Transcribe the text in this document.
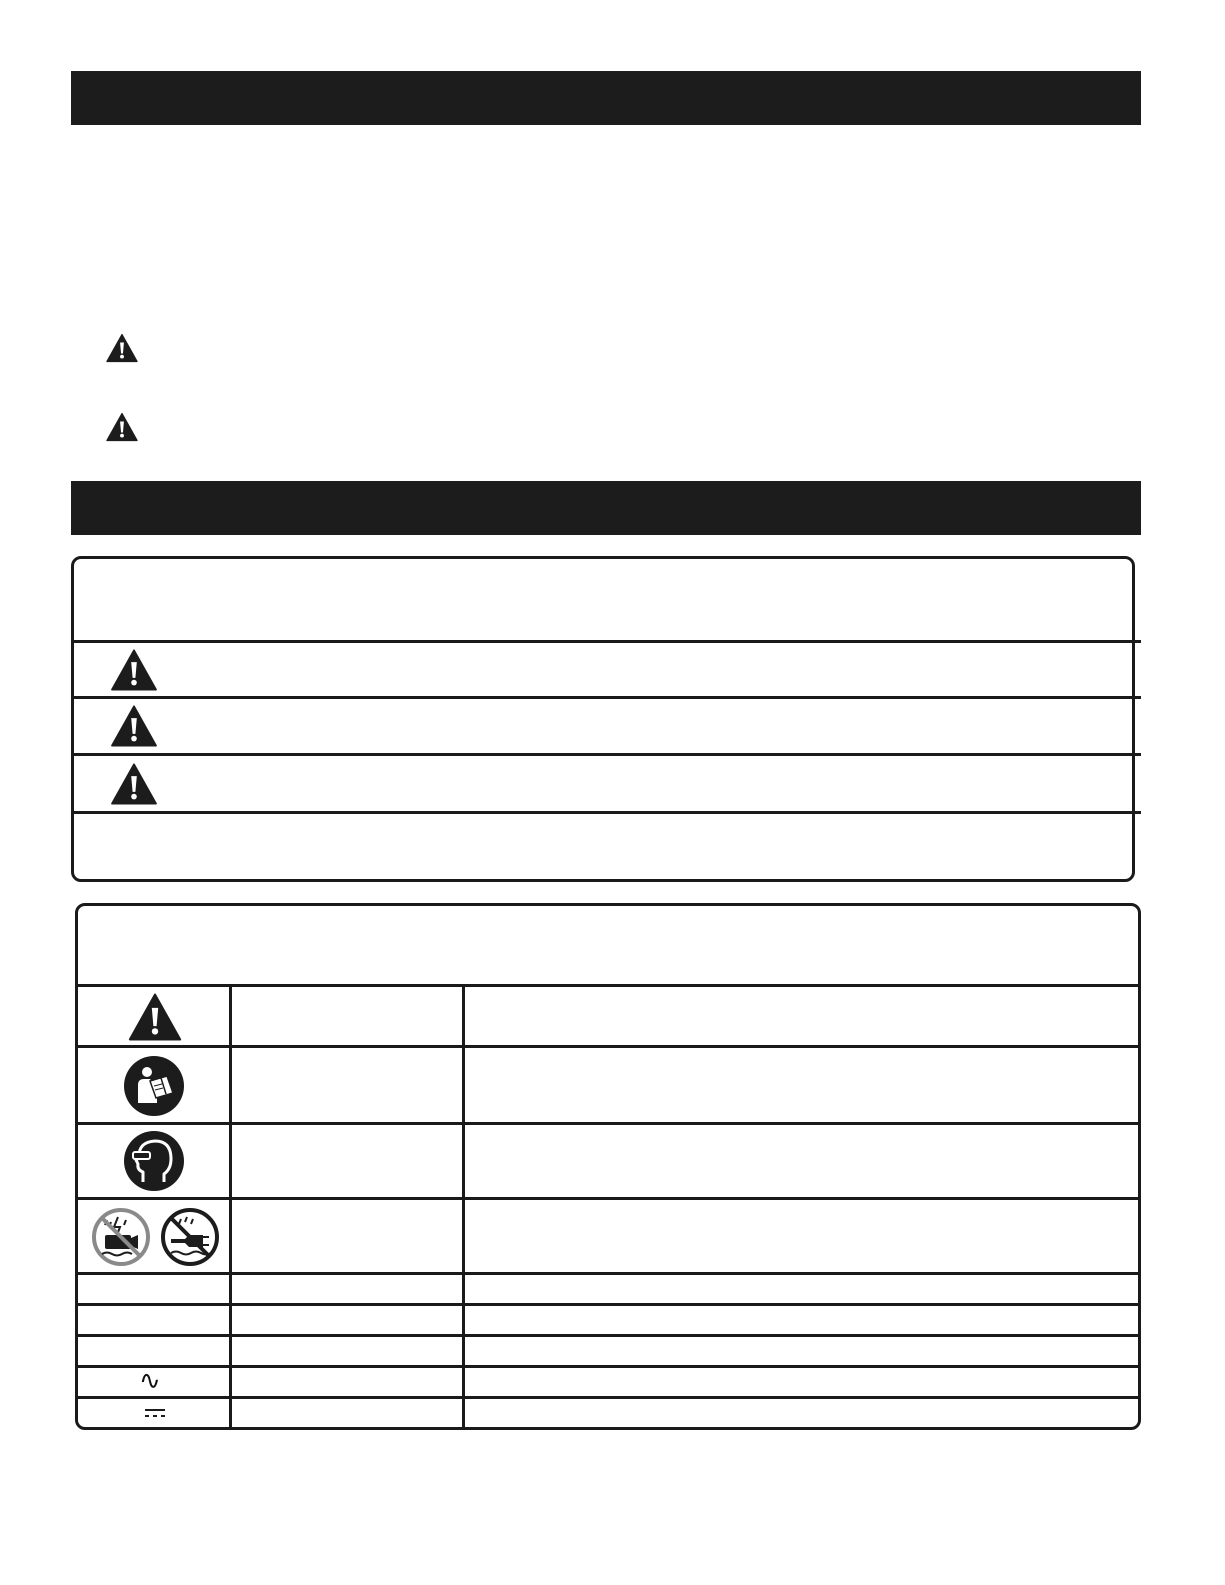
∿
